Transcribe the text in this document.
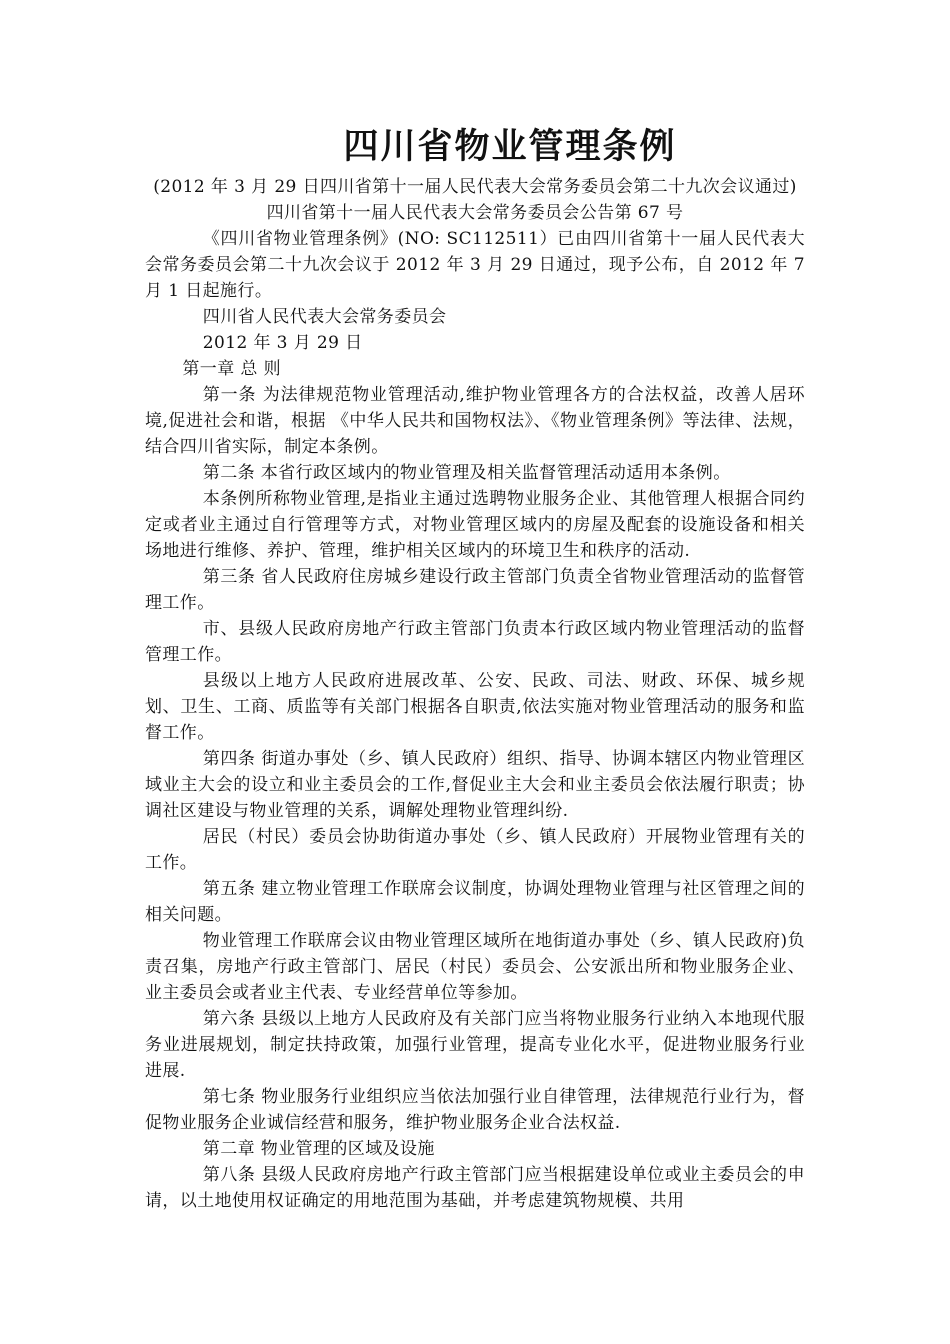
四川省物业管理条例

(2012 年 3 月 29 日四川省第十一届人民代表大会常务委员会第二十九次会议通过)

四川省第十一届人民代表大会常务委员会公告第 67 号

《四川省物业管理条例》(NO: SC112511）已由四川省第十一届人民代表大会常务委员会第二十九次会议于 2012 年 3 月 29 日通过，现予公布，自 2012 年 7 月 1 日起施行。

四川省人民代表大会常务委员会

2012 年 3 月 29 日

第一章 总 则

第一条 为法律规范物业管理活动,维护物业管理各方的合法权益，改善人居环境,促进社会和谐，根据 《中华人民共和国物权法》、《物业管理条例》等法律、法规，结合四川省实际，制定本条例。

第二条 本省行政区域内的物业管理及相关监督管理活动适用本条例。

本条例所称物业管理,是指业主通过选聘物业服务企业、其他管理人根据合同约定或者业主通过自行管理等方式，对物业管理区域内的房屋及配套的设施设备和相关场地进行维修、养护、管理，维护相关区域内的环境卫生和秩序的活动.

第三条 省人民政府住房城乡建设行政主管部门负责全省物业管理活动的监督管理工作。

市、县级人民政府房地产行政主管部门负责本行政区域内物业管理活动的监督管理工作。

县级以上地方人民政府进展改革、公安、民政、司法、财政、环保、城乡规划、卫生、工商、质监等有关部门根据各自职责,依法实施对物业管理活动的服务和监督工作。

第四条 街道办事处（乡、镇人民政府）组织、指导、协调本辖区内物业管理区域业主大会的设立和业主委员会的工作,督促业主大会和业主委员会依法履行职责；协调社区建设与物业管理的关系，调解处理物业管理纠纷.

居民（村民）委员会协助街道办事处（乡、镇人民政府）开展物业管理有关的工作。

第五条 建立物业管理工作联席会议制度，协调处理物业管理与社区管理之间的相关问题。

物业管理工作联席会议由物业管理区域所在地街道办事处（乡、镇人民政府)负责召集，房地产行政主管部门、居民（村民）委员会、公安派出所和物业服务企业、业主委员会或者业主代表、专业经营单位等参加。

第六条 县级以上地方人民政府及有关部门应当将物业服务行业纳入本地现代服务业进展规划，制定扶持政策，加强行业管理，提高专业化水平，促进物业服务行业进展.

第七条 物业服务行业组织应当依法加强行业自律管理，法律规范行业行为，督促物业服务企业诚信经营和服务，维护物业服务企业合法权益.

第二章 物业管理的区域及设施

第八条 县级人民政府房地产行政主管部门应当根据建设单位或业主委员会的申请，以土地使用权证确定的用地范围为基础，并考虑建筑物规模、共用
